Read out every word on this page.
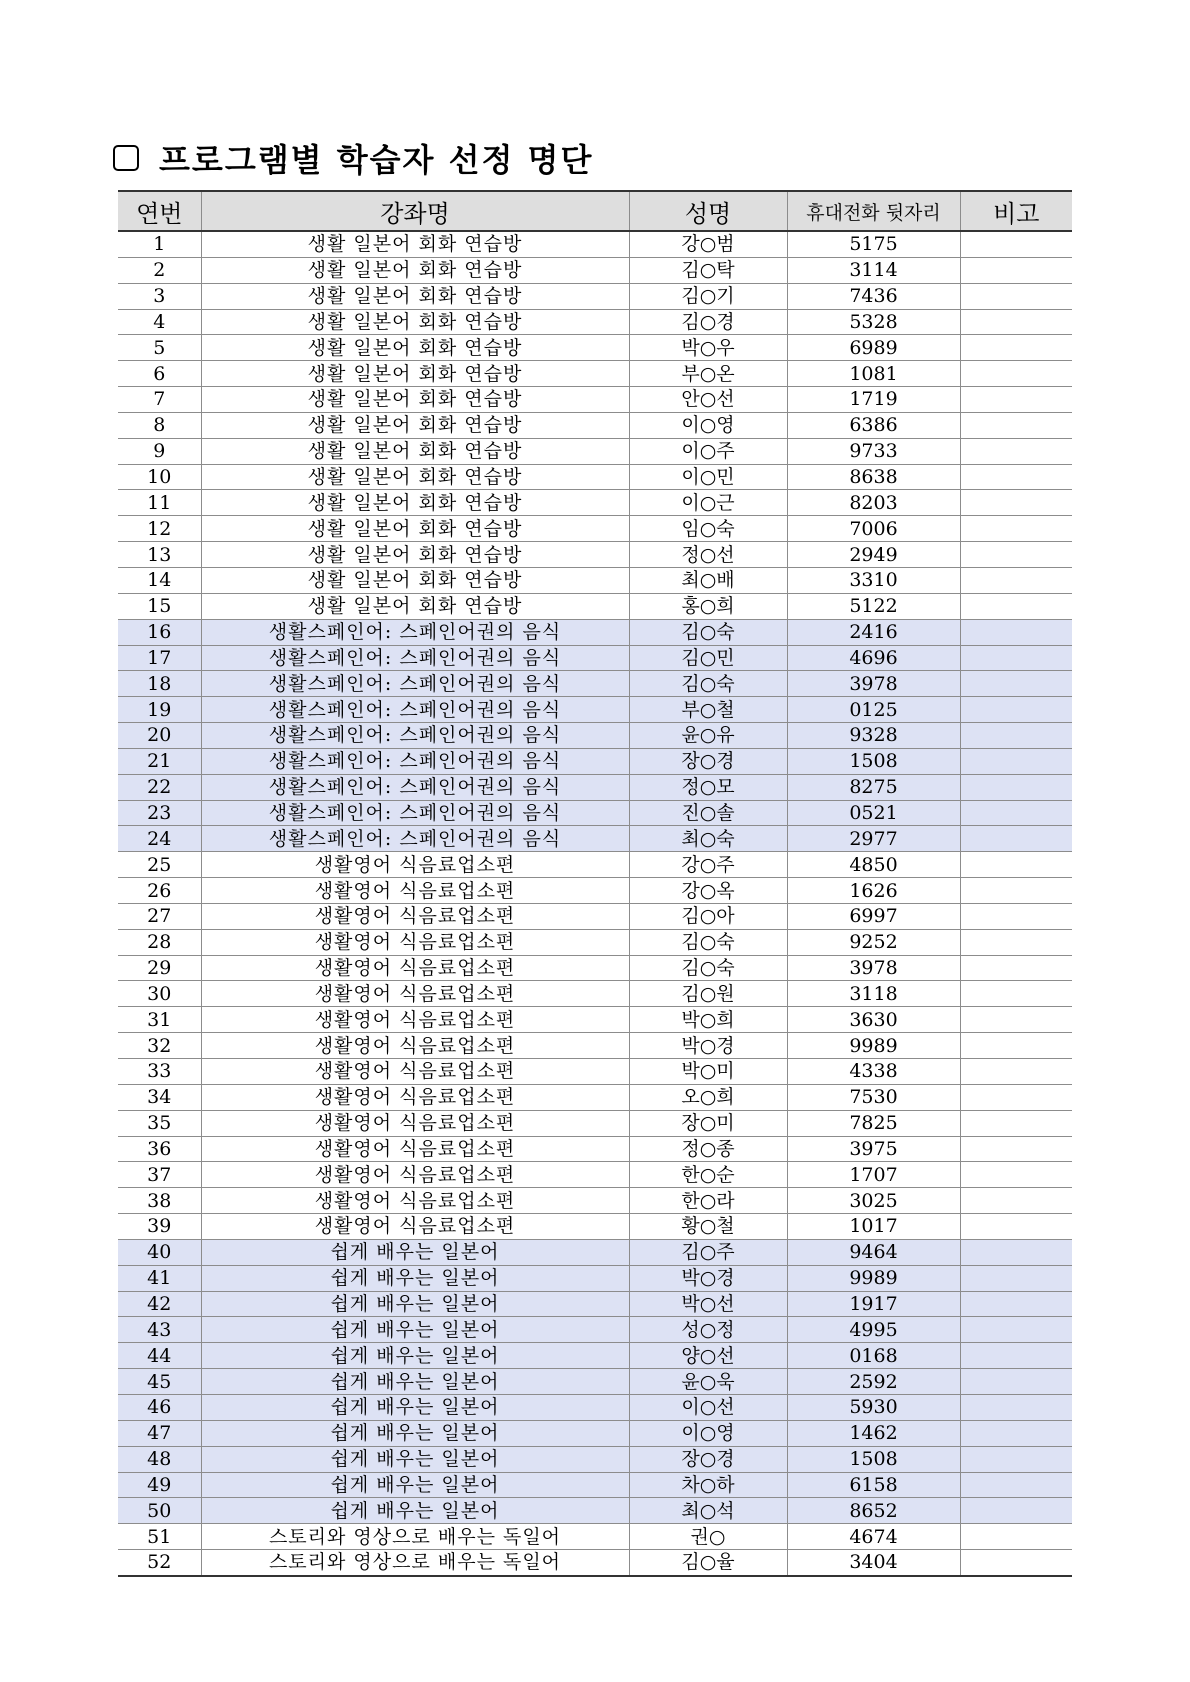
프로그램별 학습자 선정 명단
연번	강좌명	성명	휴대전화 뒷자리	비고
1	생활 일본어 회화 연습방	강○범	5175	
2	생활 일본어 회화 연습방	김○탁	3114	
3	생활 일본어 회화 연습방	김○기	7436	
4	생활 일본어 회화 연습방	김○경	5328	
5	생활 일본어 회화 연습방	박○우	6989	
6	생활 일본어 회화 연습방	부○온	1081	
7	생활 일본어 회화 연습방	안○선	1719	
8	생활 일본어 회화 연습방	이○영	6386	
9	생활 일본어 회화 연습방	이○주	9733	
10	생활 일본어 회화 연습방	이○민	8638	
11	생활 일본어 회화 연습방	이○근	8203	
12	생활 일본어 회화 연습방	임○숙	7006	
13	생활 일본어 회화 연습방	정○선	2949	
14	생활 일본어 회화 연습방	최○배	3310	
15	생활 일본어 회화 연습방	홍○희	5122	
16	생활스페인어: 스페인어권의 음식	김○숙	2416	
17	생활스페인어: 스페인어권의 음식	김○민	4696	
18	생활스페인어: 스페인어권의 음식	김○숙	3978	
19	생활스페인어: 스페인어권의 음식	부○철	0125	
20	생활스페인어: 스페인어권의 음식	윤○유	9328	
21	생활스페인어: 스페인어권의 음식	장○경	1508	
22	생활스페인어: 스페인어권의 음식	정○모	8275	
23	생활스페인어: 스페인어권의 음식	진○솔	0521	
24	생활스페인어: 스페인어권의 음식	최○숙	2977	
25	생활영어 식음료업소편	강○주	4850	
26	생활영어 식음료업소편	강○옥	1626	
27	생활영어 식음료업소편	김○아	6997	
28	생활영어 식음료업소편	김○숙	9252	
29	생활영어 식음료업소편	김○숙	3978	
30	생활영어 식음료업소편	김○원	3118	
31	생활영어 식음료업소편	박○희	3630	
32	생활영어 식음료업소편	박○경	9989	
33	생활영어 식음료업소편	박○미	4338	
34	생활영어 식음료업소편	오○희	7530	
35	생활영어 식음료업소편	장○미	7825	
36	생활영어 식음료업소편	정○종	3975	
37	생활영어 식음료업소편	한○순	1707	
38	생활영어 식음료업소편	한○라	3025	
39	생활영어 식음료업소편	황○철	1017	
40	쉽게 배우는 일본어	김○주	9464	
41	쉽게 배우는 일본어	박○경	9989	
42	쉽게 배우는 일본어	박○선	1917	
43	쉽게 배우는 일본어	성○정	4995	
44	쉽게 배우는 일본어	양○선	0168	
45	쉽게 배우는 일본어	윤○욱	2592	
46	쉽게 배우는 일본어	이○선	5930	
47	쉽게 배우는 일본어	이○영	1462	
48	쉽게 배우는 일본어	장○경	1508	
49	쉽게 배우는 일본어	차○하	6158	
50	쉽게 배우는 일본어	최○석	8652	
51	스토리와 영상으로 배우는 독일어	권○	4674	
52	스토리와 영상으로 배우는 독일어	김○율	3404	
